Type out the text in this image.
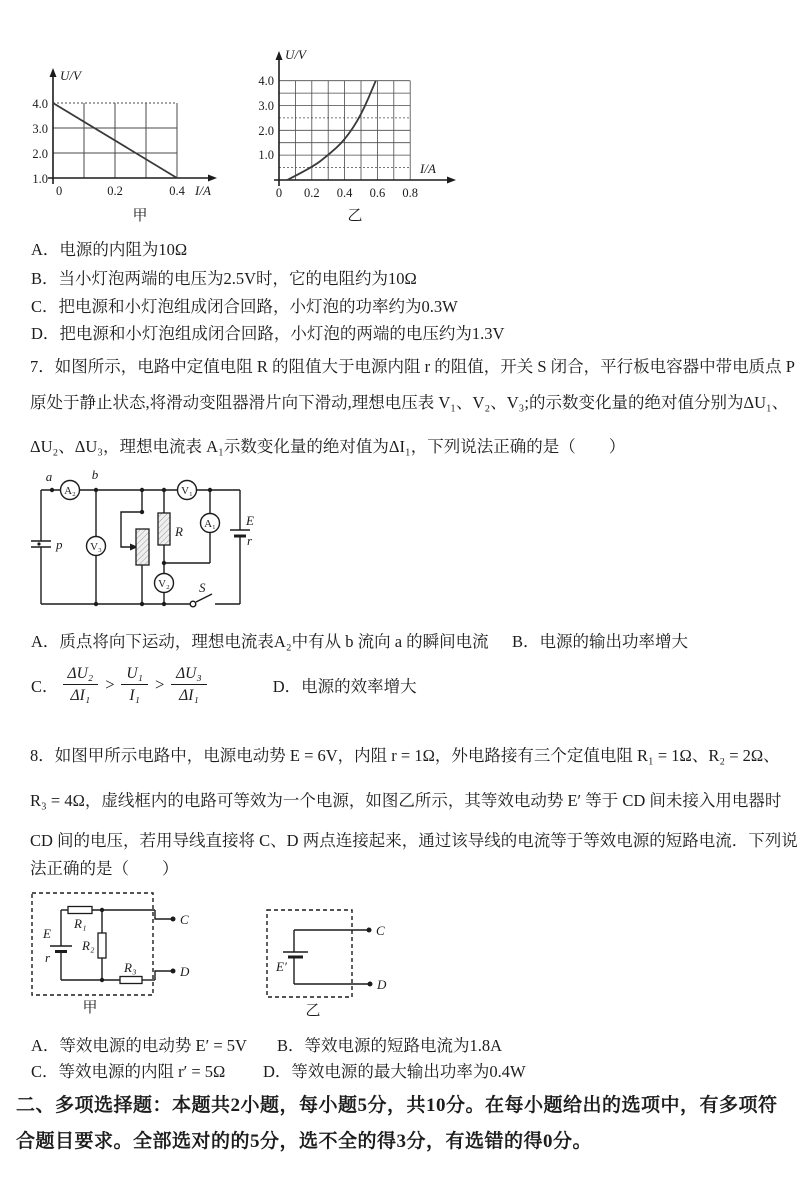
U/V
I/A
4.0
3.0
2.0
1.0
0	0.2	0.4
甲
U/V
I/A
4.0
3.0
2.0
1.0
0 0.2 0.4 0.6 0.8
乙
A．电源的内阻为10Ω
B．当小灯泡两端的电压为2.5V时，它的电阻约为10Ω
C．把电源和小灯泡组成闭合回路，小灯泡的功率约为0.3W
D．把电源和小灯泡组成闭合回路，小灯泡的两端的电压约为1.3V
7．如图所示，电路中定值电阻 R 的阻值大于电源内阻 r 的阻值，开关 S 闭合，平行板电容器中带电质点 P
原处于静止状态,将滑动变阻器滑片向下滑动,理想电压表 V₁、V₂、V₃;的示数变化量的绝对值分别为ΔU₁、
ΔU₂、ΔU₃，理想电流表 A₁示数变化量的绝对值为ΔI₁，下列说法正确的是（　　）
A₂
V₃
V₁
A₁
V₂
a	b
p
R
E
r
S
A．质点将向下运动，理想电流表A₂中有从 b 流向 a 的瞬间电流 B．电源的输出功率增大
C． $\frac{\text{ΔU₂}}{\text{ΔI₁}} > \frac{\text{U₁}}{\text{I₁}} > \frac{\text{ΔU₃}}{\text{ΔI₁}}$	D．电源的效率增大
8．如图甲所示电路中，电源电动势 E = 6V，内阻 r = 1Ω，外电路接有三个定值电阻 R₁ = 1Ω、R₂ = 2Ω、
R₃ = 4Ω，虚线框内的电路可等效为一个电源，如图乙所示，其等效电动势 E′ 等于 CD 间未接入用电器时
CD 间的电压，若用导线直接将 C、D 两点连接起来，通过该导线的电流等于等效电源的短路电流．下列说
法正确的是（　　）
E
r
R₁
R₂
R₃
C
D
甲
E′
C
D
乙
A．等效电源的电动势 E′ = 5V B．等效电源的短路电流为1.8A
C．等效电源的内阻 r′ = 5Ω D．等效电源的最大输出功率为0.4W
二、多项选择题：本题共2小题，每小题5分，共10分。在每小题给出的选项中，有多项符
合题目要求。全部选对的的5分，选不全的得3分，有选错的得0分。
